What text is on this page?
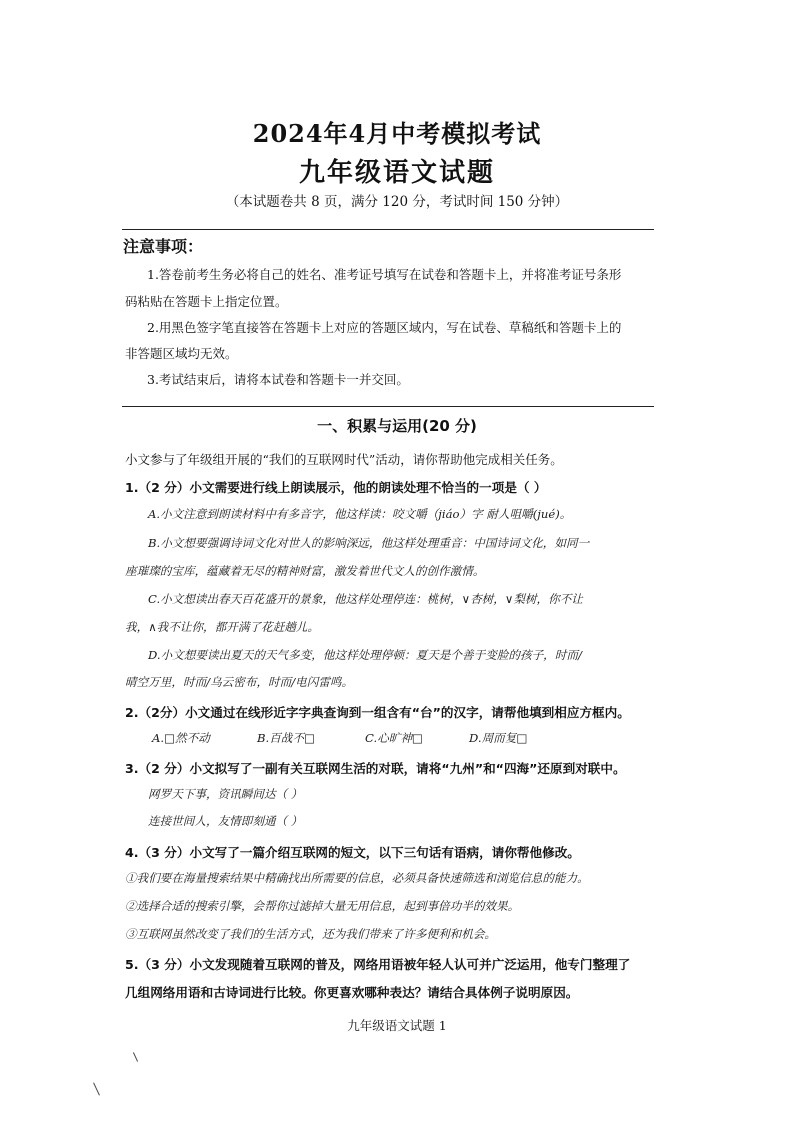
2024年4月中考模拟考试
九年级语文试题
（本试题卷共 8 页，满分 120 分，考试时间 150 分钟）
注意事项：
1.答卷前考生务必将自己的姓名、准考证号填写在试卷和答题卡上，并将准考证号条形
码粘贴在答题卡上指定位置。
2.用黑色签字笔直接答在答题卡上对应的答题区域内，写在试卷、草稿纸和答题卡上的
非答题区域均无效。
3.考试结束后，请将本试卷和答题卡一并交回。
一、积累与运用(20 分)
小文参与了年级组开展的“我们的互联网时代”活动，请你帮助他完成相关任务。
1.（2 分）小文需要进行线上朗读展示，他的朗读处理不恰当的一项是（ ）
A.小文注意到朗读材料中有多音字，他这样读：咬文嚼（jiáo）字 耐人咀嚼(jué)。
B.小文想要强调诗词文化对世人的影响深远，他这样处理重音：中国诗词文化，如同一
座璀璨的宝库，蕴藏着无尽的精神财富，激发着世代文人的创作激情。
C.小文想读出春天百花盛开的景象，他这样处理停连：桃树，∨杏树，∨梨树，你不让
我，∧我不让你，都开满了花赶趟儿。
D.小文想要读出夏天的天气多变，他这样处理停顿：夏天是个善于变脸的孩子，时而/
晴空万里，时而/乌云密布，时而/电闪雷鸣。
2.（2分）小文通过在线形近字字典查询到一组含有“台”的汉字，请帮他填到相应方框内。
A.□然不动	B.百战不□	C.心旷神□	D.周而复□
3.（2 分）小文拟写了一副有关互联网生活的对联，请将“九州”和“四海”还原到对联中。
网罗天下事，资讯瞬间达（ ）
连接世间人，友情即刻通（ ）
4.（3 分）小文写了一篇介绍互联网的短文，以下三句话有语病，请你帮他修改。
①我们要在海量搜索结果中精确找出所需要的信息，必须具备快速筛选和浏览信息的能力。
②选择合适的搜索引擎，会帮你过滤掉大量无用信息，起到事倍功半的效果。
③互联网虽然改变了我们的生活方式，还为我们带来了许多便利和机会。
5.（3 分）小文发现随着互联网的普及，网络用语被年轻人认可并广泛运用，他专门整理了
几组网络用语和古诗词进行比较。你更喜欢哪种表达？请结合具体例子说明原因。
九年级语文试题 1
